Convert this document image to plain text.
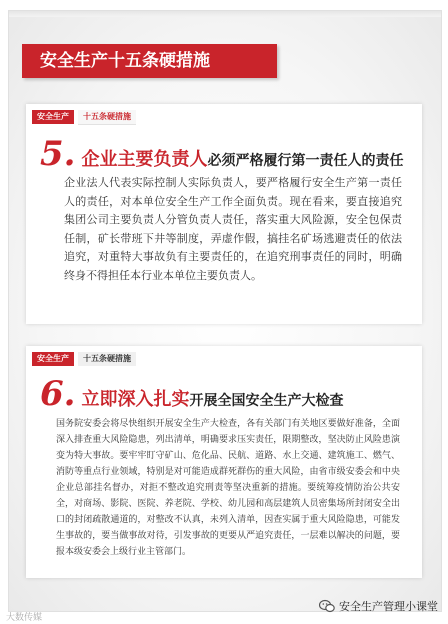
安全生产十五条硬措施
安全生产	十五条硬措施
5. 企业主要负责人 必须严格履行第一责任人的责任

企业法人代表实际控制人实际负责人，要严格履行安全生产第一责任人的责任，对本单位安全生产工作全面负责。现在看来，要直接追究集团公司主要负责人分管负责人责任，落实重大风险源，安全包保责任制，矿长带班下井等制度，弄虚作假，搞挂名矿场逃避责任的依法追究，对重特大事故负有主要责任的，在追究刑事责任的同时，明确终身不得担任本行业本单位主要负责人。

安全生产	十五条硬措施
6. 立即深入扎实 开展全国安全生产大检查

国务院安委会将尽快组织开展安全生产大检查，各有关部门有关地区要做好准备，全面深入排查重大风险隐患，列出清单，明确要求压实责任，限期整改，坚决防止风险患演变为特大事故。要牢牢盯守矿山、危化品、民航、道路、水上交通、建筑施工、燃气、消防等重点行业领域，特别是对可能造成群死群伤的重大风险，由省市级安委会和中央企业总部挂名督办，对拒不整改追究刑责等坚决重新的措施。要统筹疫情防治公共安全，对商场、影院、医院、养老院、学校、幼儿园和高层建筑人员密集场所封闭安全出口的封闭疏散通道的，对整改不认真，未列入清单，因查实属于重大风险隐患，可能发生事故的，要当做事故对待，引发事故的更要从严追究责任，一层难以解决的问题，要报本级安委会上级行业主管部门。

大数传媒
安全生产管理小课堂
